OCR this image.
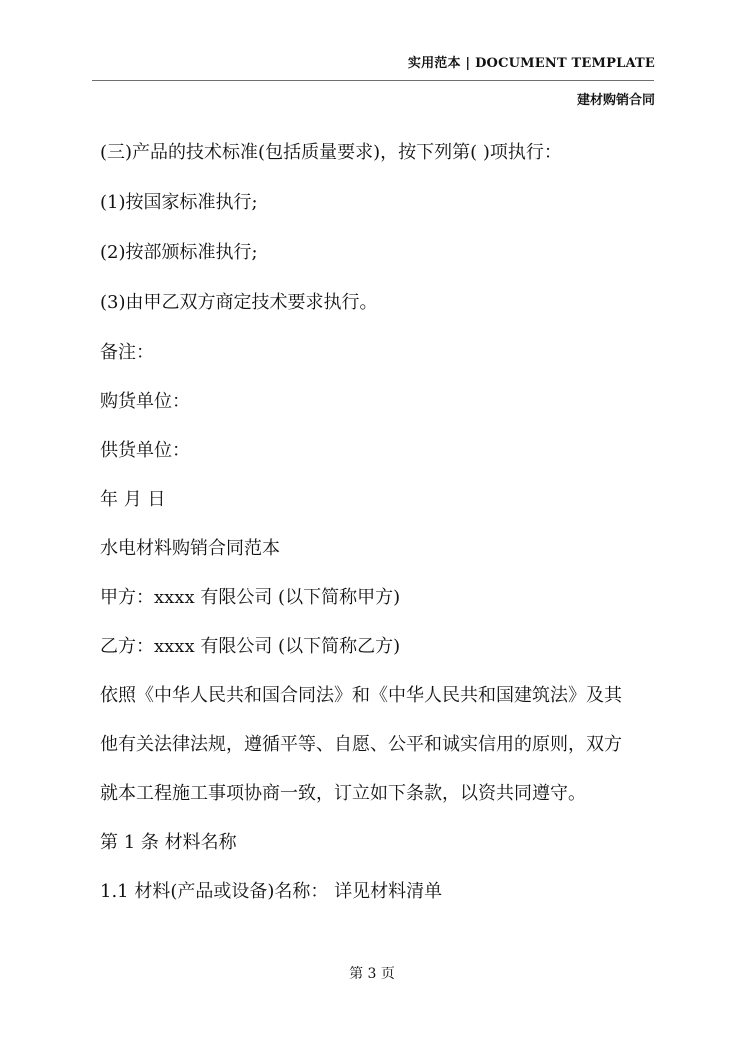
实用范本 | DOCUMENT TEMPLATE
建材购销合同
(三)产品的技术标准(包括质量要求)，按下列第( )项执行：
(1)按国家标准执行;
(2)按部颁标准执行;
(3)由甲乙双方商定技术要求执行。
备注：
购货单位：
供货单位：
年 月 日
水电材料购销合同范本
甲方：xxxx 有限公司 (以下简称甲方)
乙方：xxxx 有限公司 (以下简称乙方)
依照《中华人民共和国合同法》和《中华人民共和国建筑法》及其
他有关法律法规，遵循平等、自愿、公平和诚实信用的原则，双方
就本工程施工事项协商一致，订立如下条款，以资共同遵守。
第 1 条 材料名称
1.1 材料(产品或设备)名称： 详见材料清单
第 3 页
